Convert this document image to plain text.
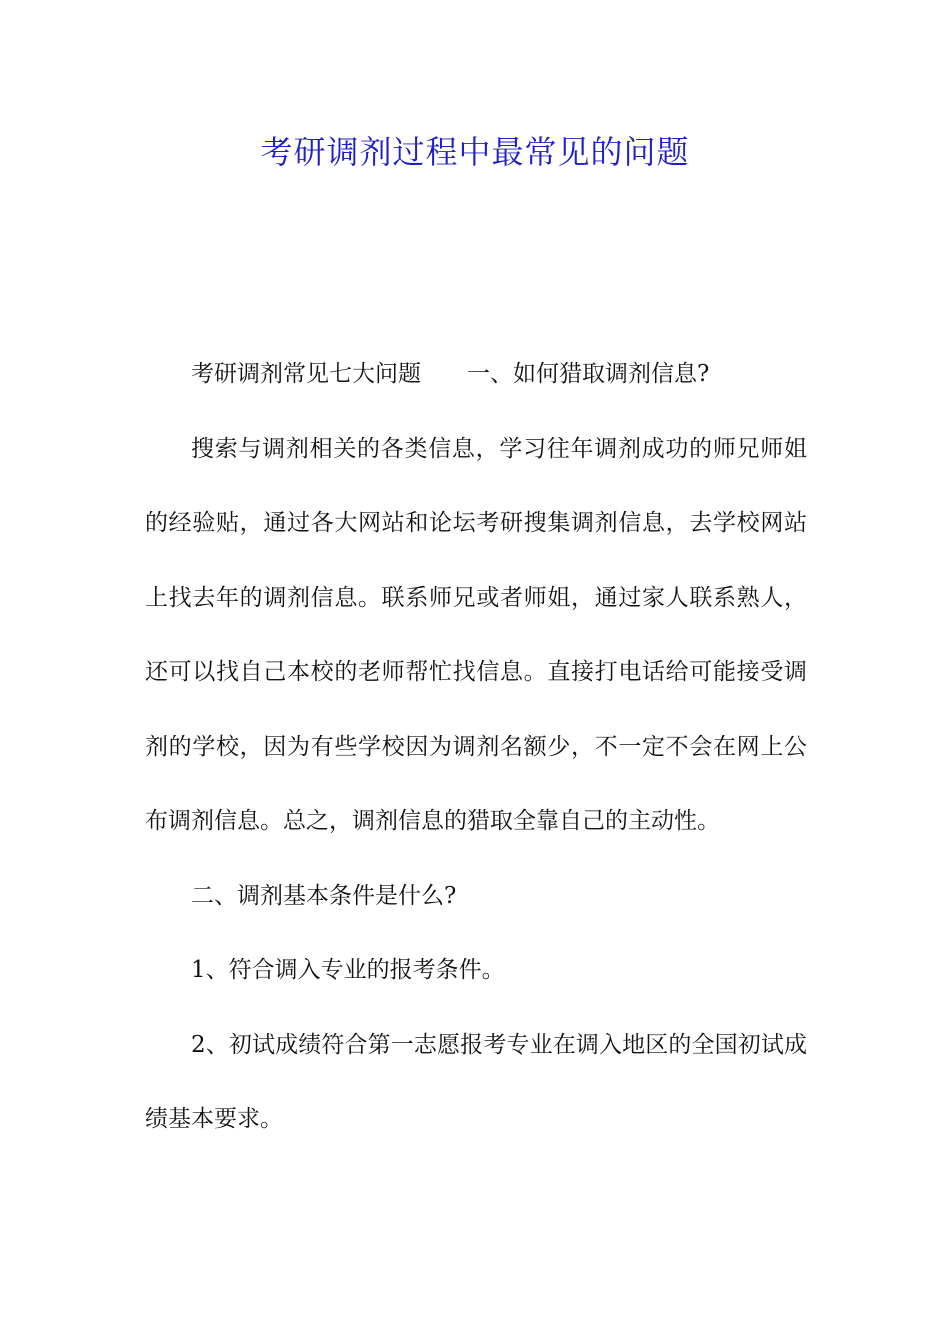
考研调剂过程中最常见的问题

考研调剂常见七大问题 一、如何猎取调剂信息?

搜索与调剂相关的各类信息，学习往年调剂成功的师兄师姐的经验贴，通过各大网站和论坛考研搜集调剂信息，去学校网站上找去年的调剂信息。联系师兄或者师姐，通过家人联系熟人，还可以找自己本校的老师帮忙找信息。直接打电话给可能接受调剂的学校，因为有些学校因为调剂名额少，不一定不会在网上公布调剂信息。总之，调剂信息的猎取全靠自己的主动性。

二、调剂基本条件是什么?

1、符合调入专业的报考条件。

2、初试成绩符合第一志愿报考专业在调入地区的全国初试成绩基本要求。
